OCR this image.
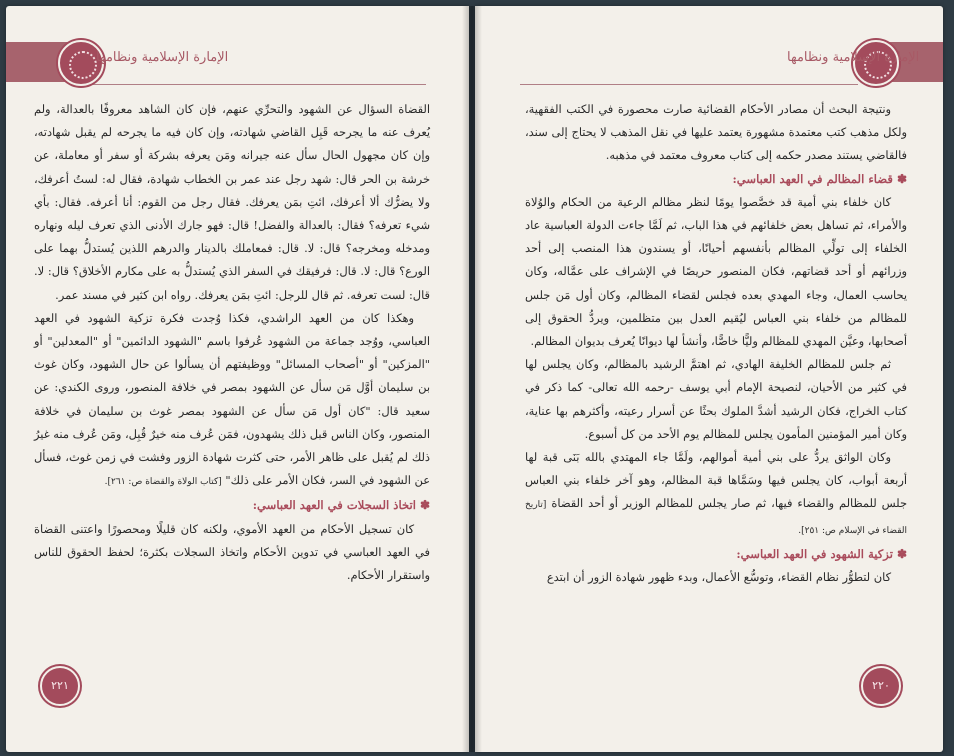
الإمارة الإسلامية ونظامها

ونتيجة البحث أن مصادر الأحكام القضائية صارت محصورة في الكتب الفقهية، ولكل مذهب كتب معتمدة مشهورة يعتمد عليها في نقل المذهب لا يحتاج إلى سند، فالقاضي يستند مصدر حكمه إلى كتاب معروف معتمد في مذهبه.

✽قضاء المظالم في العهد العباسي:

كان خلفاء بني أمية قد خصَّصوا يومًا لنظر مظالم الرعية من الحكام والوُلاة والأمراء، ثم تساهل بعض خلفائهم في هذا الباب، ثم لَمَّا جاءت الدولة العباسية عاد الخلفاء إلى تولِّي المظالم بأنفسهم أحيانًا، أو يسندون هذا المنصب إلى أحد وزرائهم أو أحد قضاتهم، فكان المنصور حريصًا في الإشراف على عمَّاله، وكان يحاسب العمال، وجاء المهدي بعده فجلس لقضاء المظالم، وكان أول مَن جلس للمظالم من خلفاء بني العباس ليُقيم العدل بين متظلمين، ويردُّ الحقوق إلى أصحابها، وعيَّن المهدي للمظالم وليًّا خاصًّا، وأنشأ لها ديوانًا يُعرف بديوان المظالم.

ثم جلس للمظالم الخليفة الهادي، ثم اهتمَّ الرشيد بالمظالم، وكان يجلس لها في كثير من الأحيان، لنصيحة الإمام أبي يوسف -رحمه الله تعالى- كما ذكر في كتاب الخراج، فكان الرشيد أشدَّ الملوك بحثًا عن أسرار رعيته، وأكثرهم بها عناية، وكان أمير المؤمنين المأمون يجلس للمظالم يوم الأحد من كل أسبوع.

وكان الواثق يردُّ على بني أمية أموالهم، ولَمَّا جاء المهتدي بالله بَنَى قبة لها أربعة أبواب، كان يجلس فيها وسَمَّاها قبة المظالم، وهو آخر خلفاء بني العباس جلس للمظالم والقضاء فيها، ثم صار يجلس للمظالم الوزير أو أحد القضاة [تاريخ القضاء في الإسلام ص: ٢٥١].

✽تزكية الشهود في العهد العباسي:

كان لتطوُّر نظام القضاء، وتوسُّع الأعمال، وبدء ظهور شهادة الزور أن ابتدع

٢٢٠
الإمارة الإسلامية ونظامها

القضاة السؤال عن الشهود والتحرِّي عنهم، فإن كان الشاهد معروفًا بالعدالة، ولم يُعرف عنه ما يجرحه قَبِل القاضي شهادته، وإن كان فيه ما يجرحه لم يقبل شهادته، وإن كان مجهول الحال سأل عنه جيرانه ومَن يعرفه بشركة أو سفر أو معاملة، عن خرشة بن الحر قال: شهد رجل عند عمر بن الخطاب شهادة، فقال له: لستُ أعرفك، ولا يضرُّك ألا أعرفك، ائتِ بمَن يعرفك. فقال رجل من القوم: أنا أعرفه. فقال: بأي شيء تعرفه؟ فقال: بالعدالة والفضل! قال: فهو جارك الأدنى الذي تعرف ليله ونهاره ومدخله ومخرجه؟ قال: لا. قال: فمعاملك بالدينار والدرهم اللذين يُستدلُّ بهما على الورع؟ قال: لا. قال: فرفيقك في السفر الذي يُستدلُّ به على مكارم الأخلاق؟ قال: لا. قال: لست تعرفه. ثم قال للرجل: ائتِ بمَن يعرفك. رواه ابن كثير في مسند عمر.

وهكذا كان من العهد الراشدي، فكذا وُجدت فكرة تزكية الشهود في العهد العباسي، ووُجد جماعة من الشهود عُرفوا باسم "الشهود الدائمين" أو "المعدلين" أو "المزكين" أو "أصحاب المسائل" ووظيفتهم أن يسألوا عن حال الشهود، وكان غوث بن سليمان أوَّل مَن سأل عن الشهود بمصر في خلافة المنصور، وروى الكندي: عن سعيد قال: "كان أول مَن سأل عن الشهود بمصر غوث بن سليمان في خلافة المنصور، وكان الناس قبل ذلك يشهدون، فمَن عُرف منه خيرٌ قُبِل، ومَن عُرف منه غيرُ ذلك لم يُقبل على ظاهر الأمر، حتى كثرت شهادة الزور وفشت في زمن غوث، فسأل عن الشهود في السر، فكان الأمر على ذلك" [كتاب الولاة والقضاة ص: ٢٦١].

✽اتخاذ السجلات في العهد العباسي:

كان تسجيل الأحكام من العهد الأموي، ولكنه كان قليلًا ومحصورًا واعتنى القضاة في العهد العباسي في تدوين الأحكام واتخاذ السجلات بكثرة؛ لحفظ الحقوق للناس واستقرار الأحكام.

٢٢١
